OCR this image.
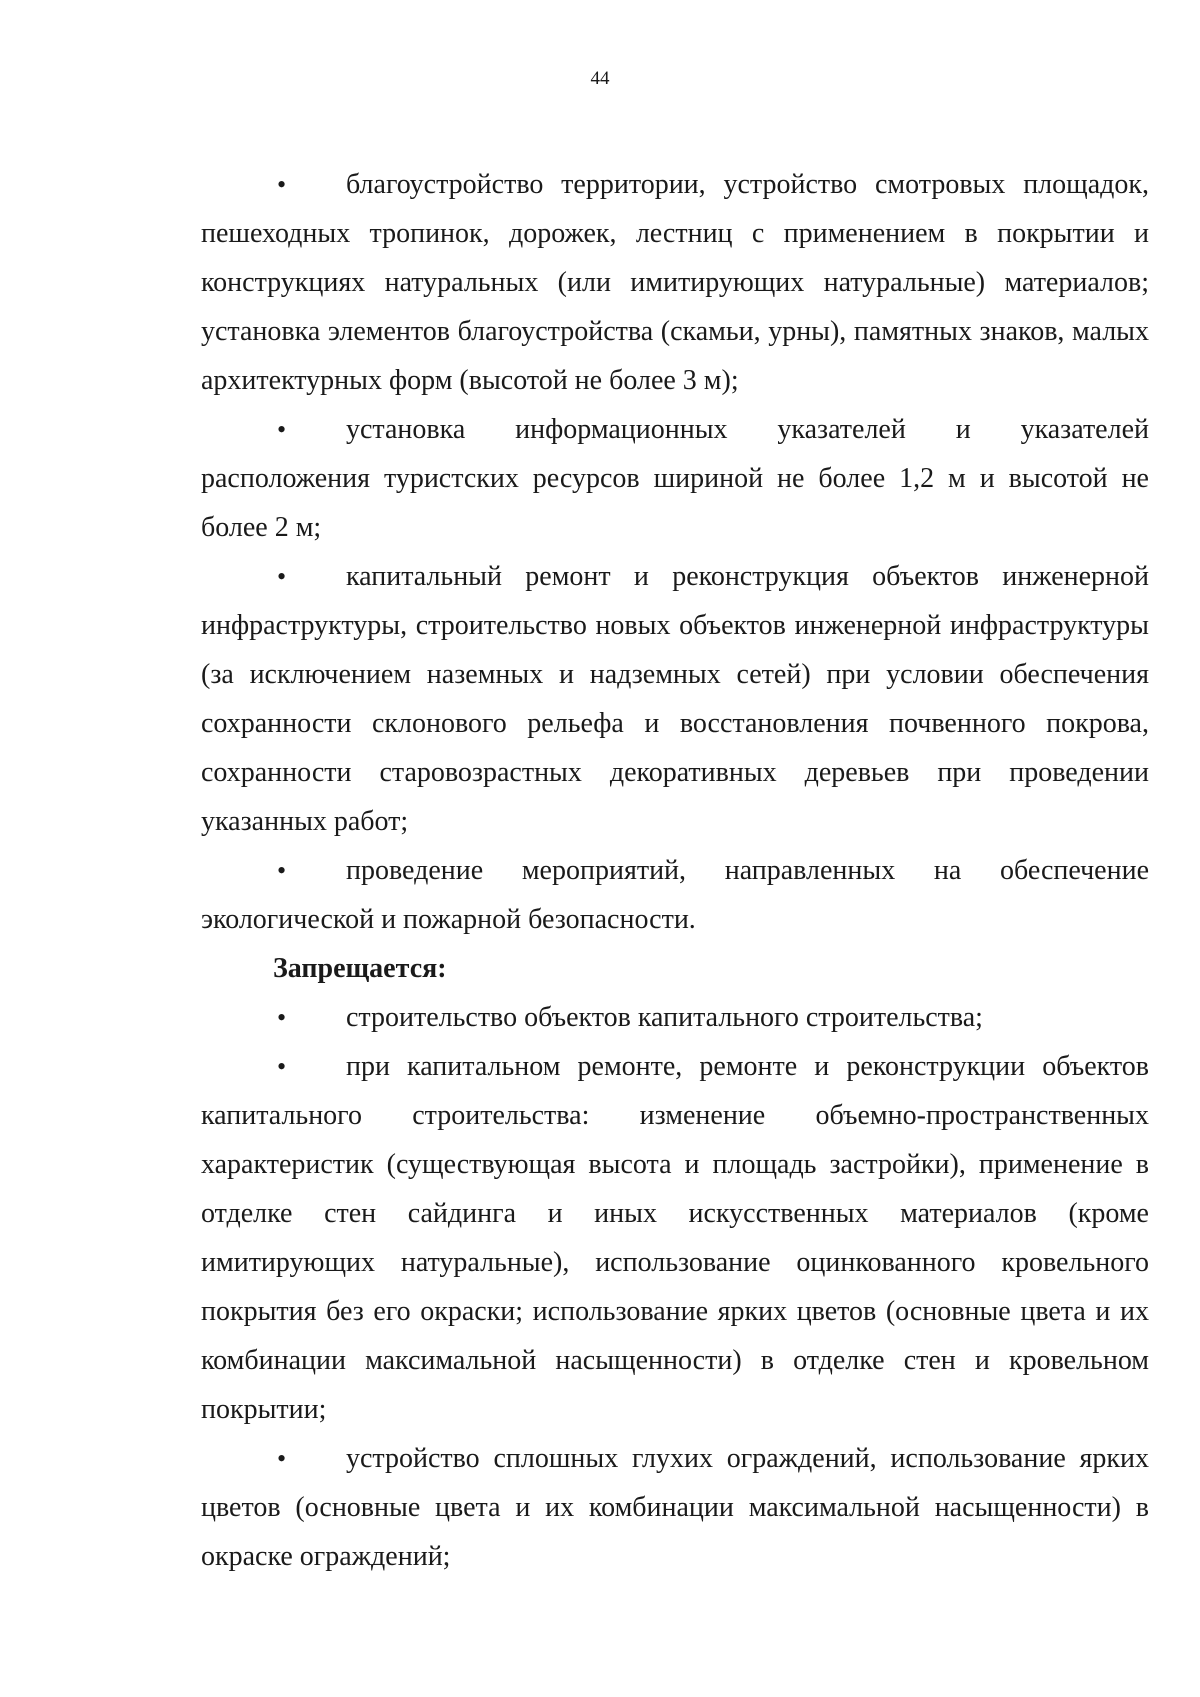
44

• благоустройство территории, устройство смотровых площадок, пешеходных тропинок, дорожек, лестниц с применением в покрытии и конструкциях натуральных (или имитирующих натуральные) материалов; установка элементов благоустройства (скамьи, урны), памятных знаков, малых архитектурных форм (высотой не более 3 м);

• установка информационных указателей и указателей расположения туристских ресурсов шириной не более 1,2 м и высотой не более 2 м;

• капитальный ремонт и реконструкция объектов инженерной инфраструктуры, строительство новых объектов инженерной инфраструктуры (за исключением наземных и надземных сетей) при условии обеспечения сохранности склонового рельефа и восстановления почвенного покрова, сохранности старовозрастных декоративных деревьев при проведении указанных работ;

• проведение мероприятий, направленных на обеспечение экологической и пожарной безопасности.

Запрещается:

• строительство объектов капитального строительства;

• при капитальном ремонте, ремонте и реконструкции объектов капитального строительства: изменение объемно-пространственных характеристик (существующая высота и площадь застройки), применение в отделке стен сайдинга и иных искусственных материалов (кроме имитирующих натуральные), использование оцинкованного кровельного покрытия без его окраски; использование ярких цветов (основные цвета и их комбинации максимальной насыщенности) в отделке стен и кровельном покрытии;

• устройство сплошных глухих ограждений, использование ярких цветов (основные цвета и их комбинации максимальной насыщенности) в окраске ограждений;
